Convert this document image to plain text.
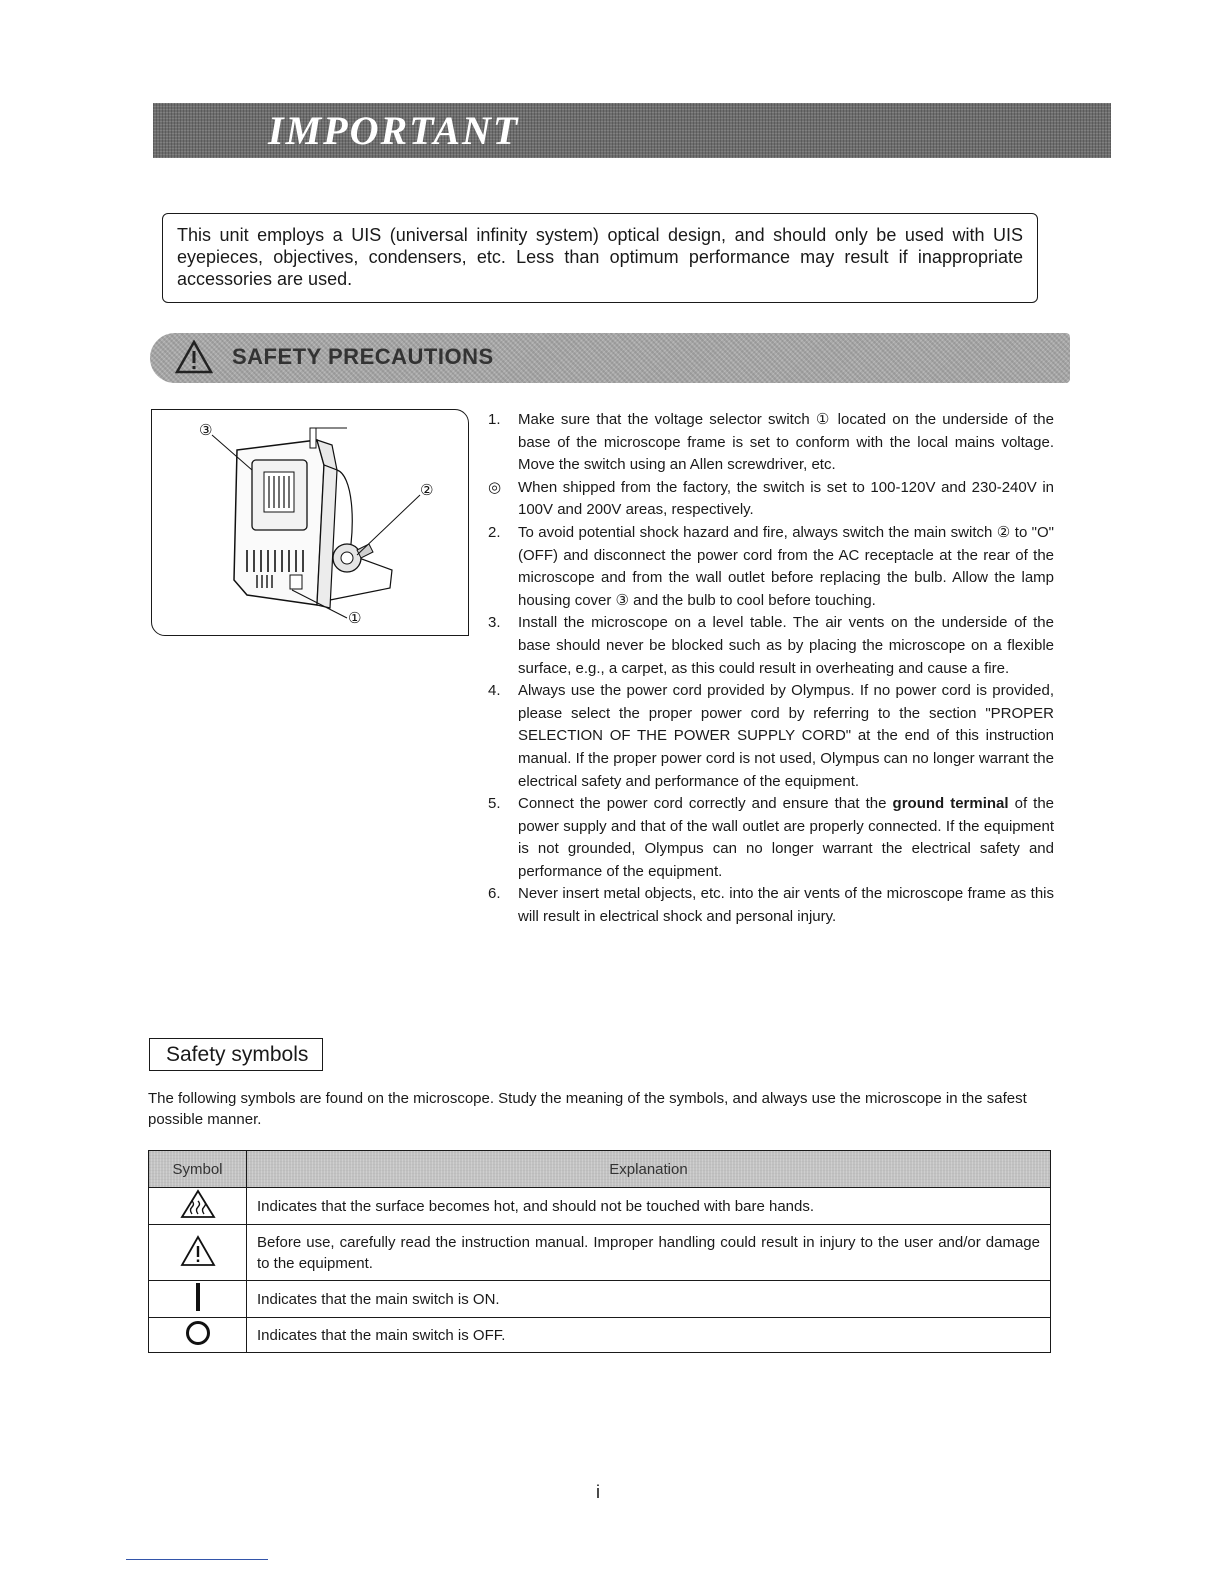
IMPORTANT
This unit employs a UIS (universal infinity system) optical design, and should only be used with UIS eyepieces, objectives, condensers, etc. Less than optimum performance may result if inappropriate accessories are used.
SAFETY PRECAUTIONS
③
②
①
1.	Make sure that the voltage selector switch ① located on the underside of the base of the microscope frame is set to conform with the local mains voltage. Move the switch using an Allen screwdriver, etc.
◎	When shipped from the factory, the switch is set to 100-120V and 230-240V in 100V and 200V areas, respectively.
2.	To avoid potential shock hazard and fire, always switch the main switch ② to "O" (OFF) and disconnect the power cord from the AC receptacle at the rear of the microscope and from the wall outlet before replacing the bulb. Allow the lamp housing cover ③ and the bulb to cool before touching.
3.	Install the microscope on a level table. The air vents on the underside of the base should never be blocked such as by placing the microscope on a flexible surface, e.g., a carpet, as this could result in overheating and cause a fire.
4.	Always use the power cord provided by Olympus. If no power cord is provided, please select the proper power cord by referring to the section "PROPER SELECTION OF THE POWER SUPPLY CORD" at the end of this instruction manual. If the proper power cord is not used, Olympus can no longer warrant the electrical safety and performance of the equipment.
5.	Connect the power cord correctly and ensure that the ground terminal of the power supply and that of the wall outlet are properly connected. If the equipment is not grounded, Olympus can no longer warrant the electrical safety and performance of the equipment.
6.	Never insert metal objects, etc. into the air vents of the microscope frame as this will result in electrical shock and personal injury.
Safety symbols
The following symbols are found on the microscope. Study the meaning of the symbols, and always use the microscope in the safest possible manner.
Symbol	Explanation
	Indicates that the surface becomes hot, and should not be touched with bare hands.
	Before use, carefully read the instruction manual. Improper handling could result in injury to the user and/or damage to the equipment.
	Indicates that the main switch is ON.
	Indicates that the main switch is OFF.
i
